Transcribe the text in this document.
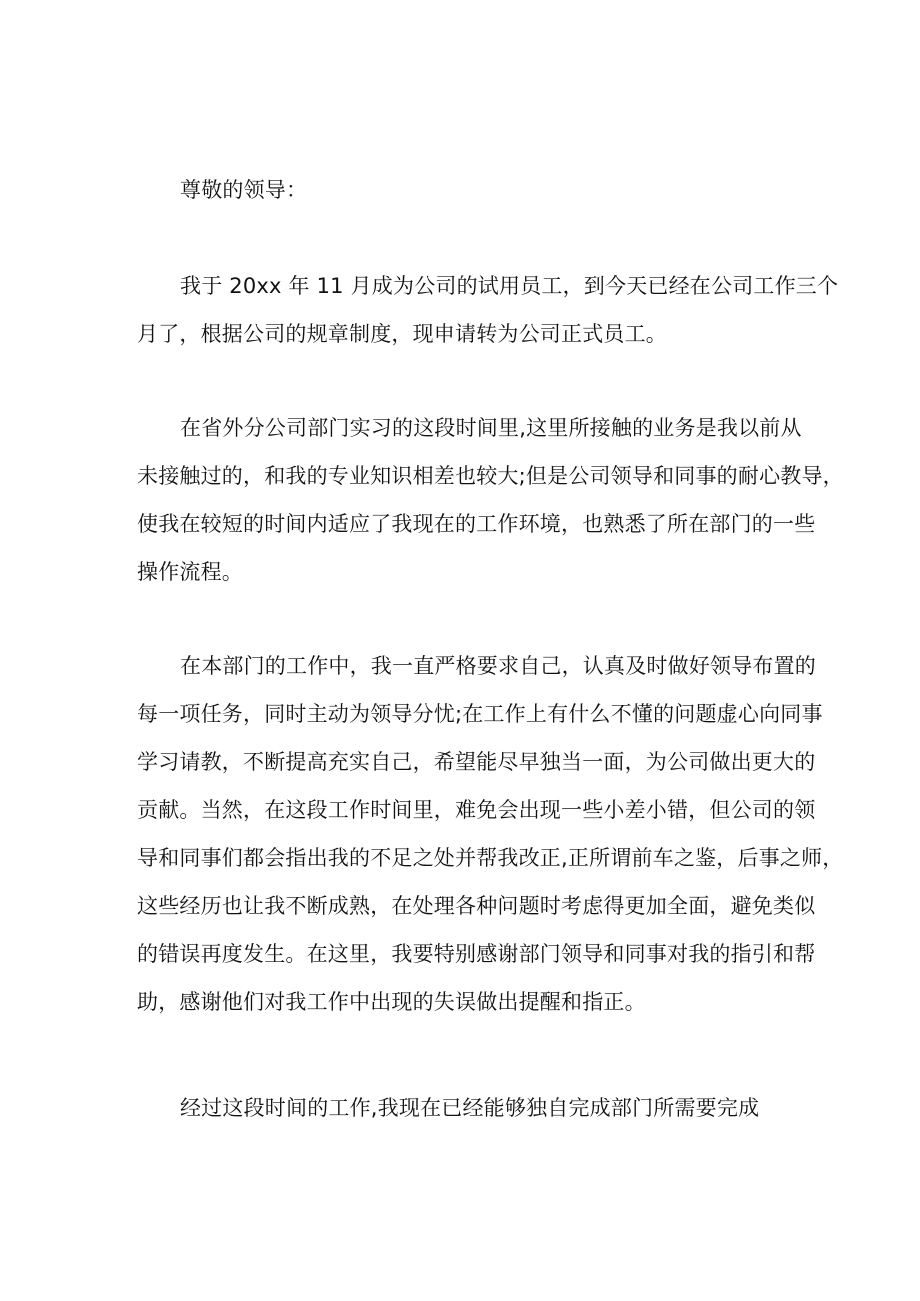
尊敬的领导：
我于 20xx 年 11 月成为公司的试用员工，到今天已经在公司工作三个
月了，根据公司的规章制度，现申请转为公司正式员工。
在省外分公司部门实习的这段时间里,这里所接触的业务是我以前从
未接触过的，和我的专业知识相差也较大;但是公司领导和同事的耐心教导，
使我在较短的时间内适应了我现在的工作环境，也熟悉了所在部门的一些
操作流程。
在本部门的工作中，我一直严格要求自己，认真及时做好领导布置的
每一项任务，同时主动为领导分忧;在工作上有什么不懂的问题虚心向同事
学习请教，不断提高充实自己，希望能尽早独当一面，为公司做出更大的
贡献。当然，在这段工作时间里，难免会出现一些小差小错，但公司的领
导和同事们都会指出我的不足之处并帮我改正,正所谓前车之鉴，后事之师，
这些经历也让我不断成熟，在处理各种问题时考虑得更加全面，避免类似
的错误再度发生。在这里，我要特别感谢部门领导和同事对我的指引和帮
助，感谢他们对我工作中出现的失误做出提醒和指正。
经过这段时间的工作,我现在已经能够独自完成部门所需要完成
